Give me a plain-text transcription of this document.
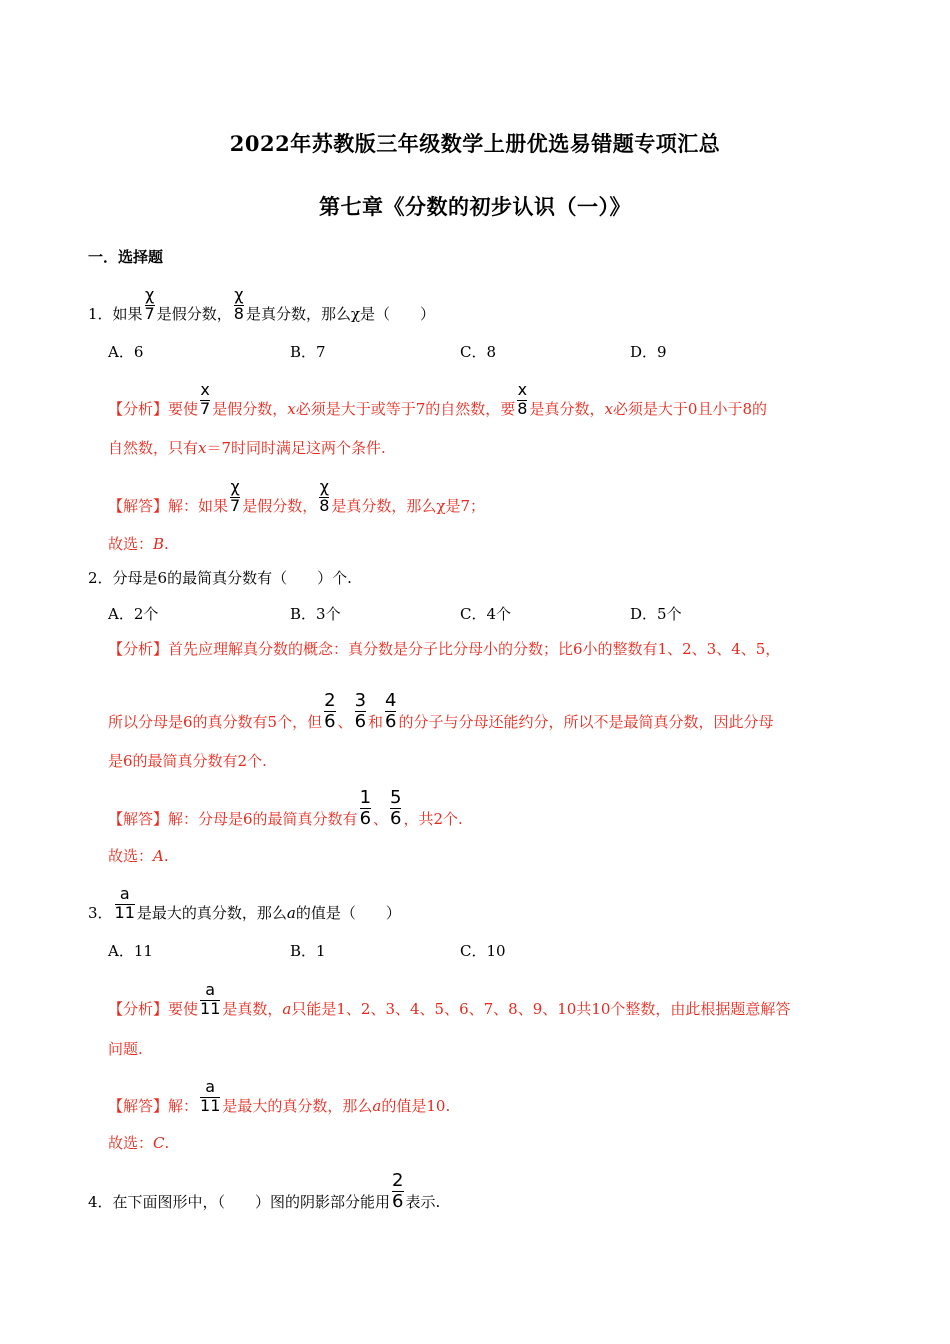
2022年苏教版三年级数学上册优选易错题专项汇总
第七章《分数的初步认识（一）》
一．选择题
1．如果 $\frac{\chi}{7}$ 是假分数， $\frac{\chi}{8}$ 是真分数，那么χ是（　　）
A．6	B．7	C．8	D．9
【分析】要使 $\frac{x}{7}$ 是假分数，x必须是大于或等于7的自然数，要 $\frac{x}{8}$ 是真分数，x必须是大于0且小于8的
自然数，只有x＝7时同时满足这两个条件.
【解答】解：如果 $\frac{\chi}{7}$ 是假分数， $\frac{\chi}{8}$ 是真分数，那么χ是7；
故选：B.
2．分母是6的最简真分数有（　　）个.
A．2个	B．3个	C．4个	D．5个
【分析】首先应理解真分数的概念：真分数是分子比分母小的分数；比6小的整数有1、2、3、4、5，
所以分母是6的真分数有5个，但 $\frac{2}{6}$ 、 $\frac{3}{6}$ 和 $\frac{4}{6}$ 的分子与分母还能约分，所以不是最简真分数，因此分母
是6的最简真分数有2个.
【解答】解：分母是6的最简真分数有 $\frac{1}{6}$ 、 $\frac{5}{6}$ ，共2个.
故选：A.
3． $\frac{a}{11}$ 是最大的真分数，那么a的值是（　　）
A．11	B．1	C．10
【分析】要使 $\frac{a}{11}$ 是真数，a只能是1、2、3、4、5、6、7、8、9、10共10个整数，由此根据题意解答
问题.
【解答】解： $\frac{a}{11}$ 是最大的真分数，那么a的值是10.
故选：C.
4．在下面图形中，（　　）图的阴影部分能用 $\frac{2}{6}$ 表示.
